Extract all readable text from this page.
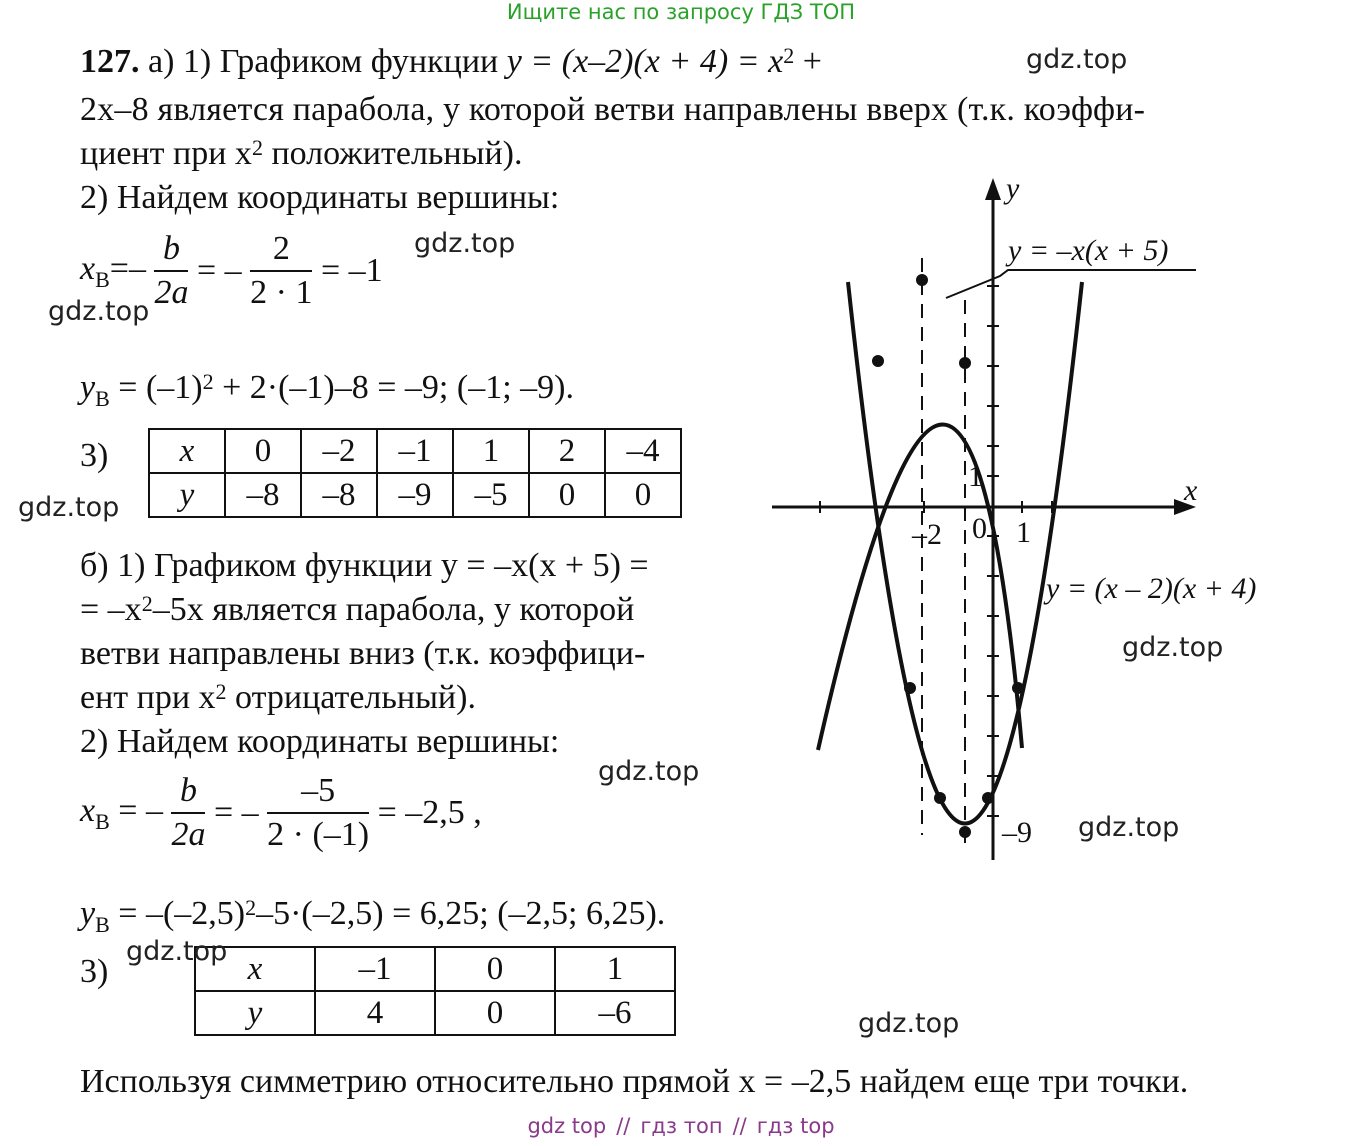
Ищите нас по запросу ГДЗ ТОП
gdz.top
gdz.top
gdz.top
gdz.top
gdz.top
gdz.top
gdz.top
gdz.top
gdz.top
127. а) 1) Графиком функции $y = (x-2)(x + 4) = x^2$ +
2x–8 является парабола, у которой ветви направлены вверх (т.к. коэффи-
циент при $x^2$ положительный).
2) Найдем координаты вершины:
$x_B=- \frac{b}{2a}$ = – $\frac{2}{2 \cdot 1} = -1$
$y_B = (-1)^2 + 2\cdot(-1)-8 = -9$; (–1; –9).
3) x	0	–2	–1	1	2	–4
y	–8	–8	–9	–5	0	0
б) 1) Графиком функции y = –x(x + 5) =
= $-x^2-5x$ является парабола, у которой
ветви направлены вниз (т.к. коэффици-
ент при $x^2$ отрицательный).
2) Найдем координаты вершины:
$x_B$ = – $\frac{b}{2a}$ = – $\frac{-5}{2 \cdot (-1)} = -2,5$ ,
$y_B = -(-2,5)^2-5\cdot(-2,5) = 6,25$; (–2,5; 6,25).
3)	x	–1	0	1
y	4	0	–6
Используя симметрию относительно прямой x = –2,5 найдем еще три точки.
y
x
y = –x(x + 5)
y = (x – 2)(x + 4)
–2 0 1
1
–9
gdz top // гдз топ // гдз top
